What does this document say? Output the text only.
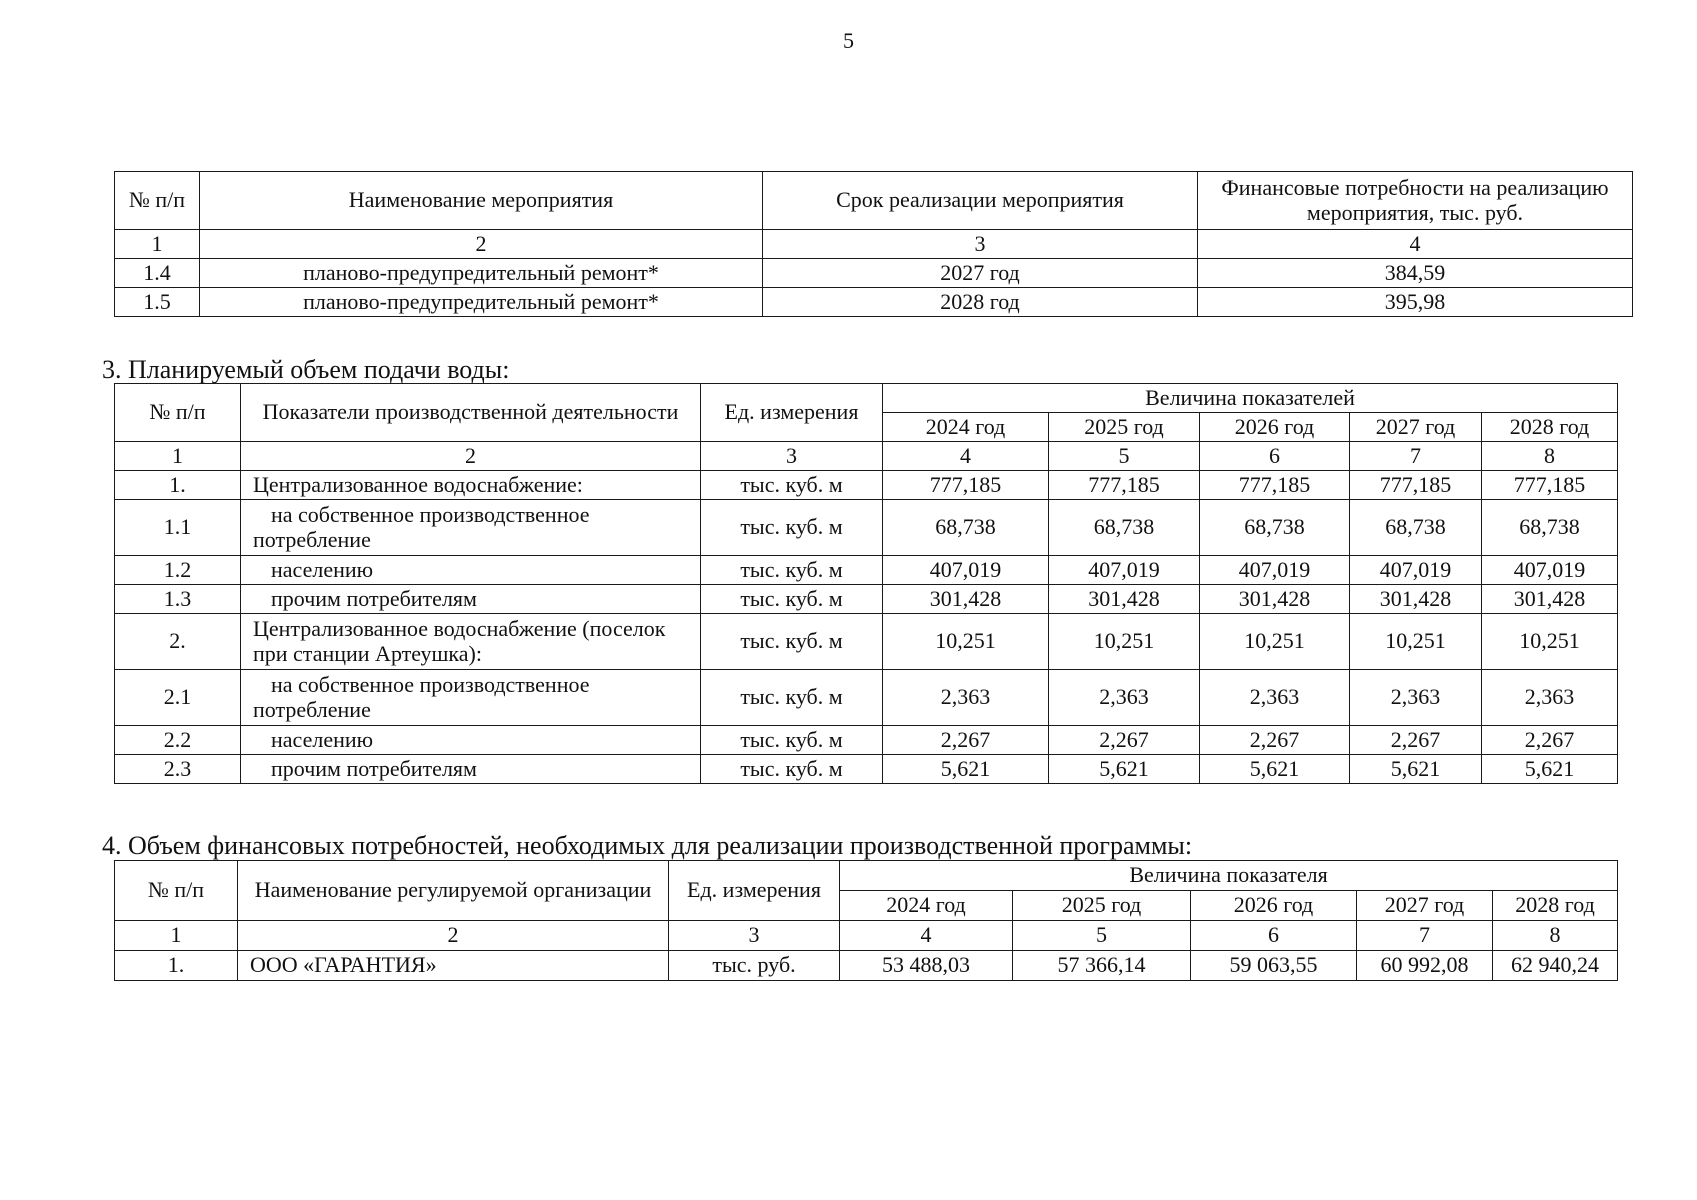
5
№ п/п	Наименование мероприятия	Срок реализации мероприятия	Финансовые потребности на реализацию мероприятия, тыс. руб.
1	2	3	4
1.4	планово-предупредительный ремонт*	2027 год	384,59
1.5	планово-предупредительный ремонт*	2028 год	395,98
3. Планируемый объем подачи воды:
№ п/п	Показатели производственной деятельности	Ед. измерения	Величина показателей				
			2024 год	2025 год	2026 год	2027 год	2028 год
1	2	3	4	5	6	7	8
1.	Централизованное водоснабжение:	тыс. куб. м	777,185	777,185	777,185	777,185	777,185
1.1	на собственное производственное потребление	тыс. куб. м	68,738	68,738	68,738	68,738	68,738
1.2	населению	тыс. куб. м	407,019	407,019	407,019	407,019	407,019
1.3	прочим потребителям	тыс. куб. м	301,428	301,428	301,428	301,428	301,428
2.	Централизованное водоснабжение (поселок при станции Артеушка):	тыс. куб. м	10,251	10,251	10,251	10,251	10,251
2.1	на собственное производственное потребление	тыс. куб. м	2,363	2,363	2,363	2,363	2,363
2.2	населению	тыс. куб. м	2,267	2,267	2,267	2,267	2,267
2.3	прочим потребителям	тыс. куб. м	5,621	5,621	5,621	5,621	5,621
4. Объем финансовых потребностей, необходимых для реализации производственной программы:
№ п/п	Наименование регулируемой организации	Ед. измерения	Величина показателя				
			2024 год	2025 год	2026 год	2027 год	2028 год
1	2	3	4	5	6	7	8
1.	ООО «ГАРАНТИЯ»	тыс. руб.	53 488,03	57 366,14	59 063,55	60 992,08	62 940,24
